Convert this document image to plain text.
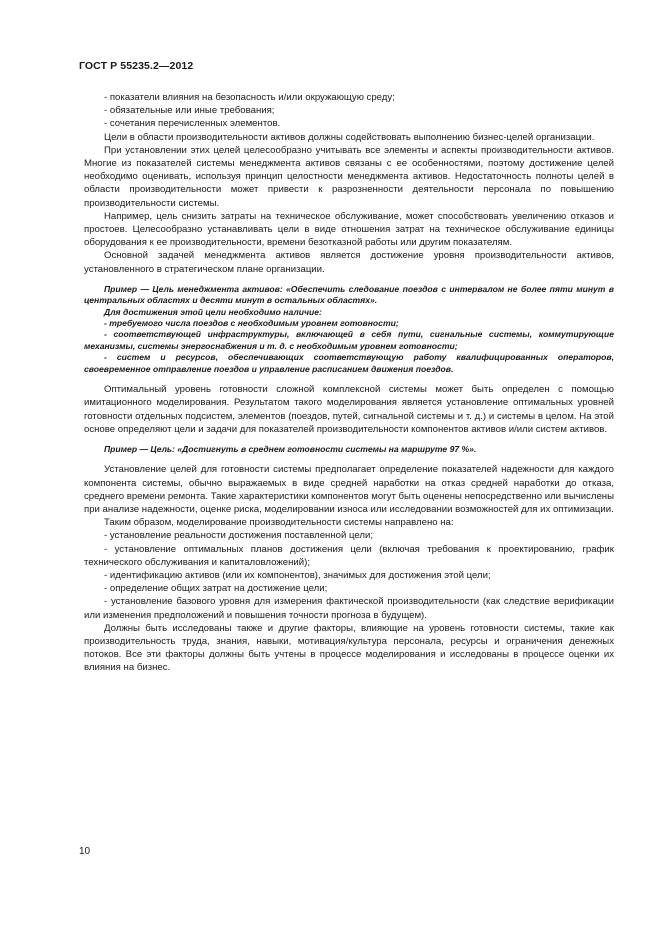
ГОСТ Р 55235.2—2012

- показатели влияния на безопасность и/или окружающую среду;

- обязательные или иные требования;

- сочетания перечисленных элементов.

Цели в области производительности активов должны содействовать выполнению бизнес-целей организации.

При установлении этих целей целесообразно учитывать все элементы и аспекты производительности активов. Многие из показателей системы менеджмента активов связаны с ее особенностями, поэтому достижение целей необходимо оценивать, используя принцип целостности менеджмента активов. Недостаточность полноты целей в области производительности может привести к разрозненности деятельности персонала по повышению производительности системы.

Например, цель снизить затраты на техническое обслуживание, может способствовать увеличению отказов и простоев. Целесообразно устанавливать цели в виде отношения затрат на техническое обслуживание единицы оборудования к ее производительности, времени безотказной работы или другим показателям.

Основной задачей менеджмента активов является достижение уровня производительности активов, установленного в стратегическом плане организации.

Пример — Цель менеджмента активов: «Обеспечить следование поездов с интервалом не более пяти минут в центральных областях и десяти минут в остальных областях».

Для достижения этой цели необходимо наличие:

- требуемого числа поездов с необходимым уровнем готовности;

- соответствующей инфраструктуры, включающей в себя пути, сигнальные системы, коммутирующие механизмы, системы энергоснабжения и т. д. с необходимым уровнем готовности;

- систем и ресурсов, обеспечивающих соответствующую работу квалифицированных операторов, своевременное отправление поездов и управление расписанием движения поездов.

Оптимальный уровень готовности сложной комплексной системы может быть определен с помощью имитационного моделирования. Результатом такого моделирования является установление оптимальных уровней готовности отдельных подсистем, элементов (поездов, путей, сигнальной системы и т. д.) и системы в целом. На этой основе определяют цели и задачи для показателей производительности компонентов активов и/или систем активов.

Пример — Цель: «Достигнуть в среднем готовности системы на маршруте 97 %».

Установление целей для готовности системы предполагает определение показателей надежности для каждого компонента системы, обычно выражаемых в виде средней наработки на отказ средней наработки до отказа, среднего времени ремонта. Такие характеристики компонентов могут быть оценены непосредственно или вычислены при анализе надежности, оценке риска, моделировании износа или исследовании возможностей для их оптимизации.

Таким образом, моделирование производительности системы направлено на:

- установление реальности достижения поставленной цели;

- установление оптимальных планов достижения цели (включая требования к проектированию, график технического обслуживания и капиталовложений);

- идентификацию активов (или их компонентов), значимых для достижения этой цели;

- определение общих затрат на достижение цели;

- установление базового уровня для измерения фактической производительности (как следствие верификации или изменения предположений и повышения точности прогноза в будущем).

Должны быть исследованы также и другие факторы, влияющие на уровень готовности системы, такие как производительность труда, знания, навыки, мотивация/культура персонала, ресурсы и ограничения денежных потоков. Все эти факторы должны быть учтены в процессе моделирования и исследованы в процессе оценки их влияния на бизнес.

10
